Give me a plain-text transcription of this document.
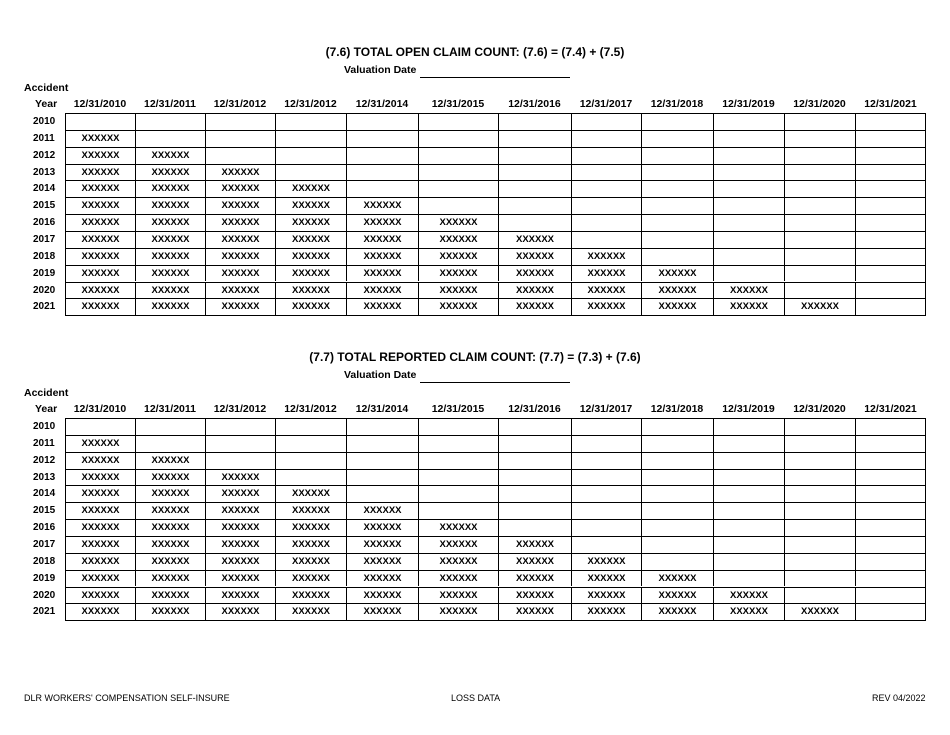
(7.6) TOTAL OPEN CLAIM COUNT: (7.6) = (7.4) + (7.5)
Valuation Date
Accident
Year	12/31/2010	12/31/2011	12/31/2012	12/31/2012	12/31/2014	12/31/2015	12/31/2016	12/31/2017	12/31/2018	12/31/2019	12/31/2020	12/31/2021
2010
2011	XXXXXX
2012	XXXXXX	XXXXXX
2013	XXXXXX	XXXXXX	XXXXXX
2014	XXXXXX	XXXXXX	XXXXXX	XXXXXX
2015	XXXXXX	XXXXXX	XXXXXX	XXXXXX	XXXXXX
2016	XXXXXX	XXXXXX	XXXXXX	XXXXXX	XXXXXX	XXXXXX
2017	XXXXXX	XXXXXX	XXXXXX	XXXXXX	XXXXXX	XXXXXX	XXXXXX
2018	XXXXXX	XXXXXX	XXXXXX	XXXXXX	XXXXXX	XXXXXX	XXXXXX	XXXXXX
2019	XXXXXX	XXXXXX	XXXXXX	XXXXXX	XXXXXX	XXXXXX	XXXXXX	XXXXXX	XXXXXX
2020	XXXXXX	XXXXXX	XXXXXX	XXXXXX	XXXXXX	XXXXXX	XXXXXX	XXXXXX	XXXXXX	XXXXXX
2021	XXXXXX	XXXXXX	XXXXXX	XXXXXX	XXXXXX	XXXXXX	XXXXXX	XXXXXX	XXXXXX	XXXXXX	XXXXXX
(7.7) TOTAL REPORTED CLAIM COUNT: (7.7) = (7.3) + (7.6)
Valuation Date
Accident
Year	12/31/2010	12/31/2011	12/31/2012	12/31/2012	12/31/2014	12/31/2015	12/31/2016	12/31/2017	12/31/2018	12/31/2019	12/31/2020	12/31/2021
2010
2011	XXXXXX
2012	XXXXXX	XXXXXX
2013	XXXXXX	XXXXXX	XXXXXX
2014	XXXXXX	XXXXXX	XXXXXX	XXXXXX
2015	XXXXXX	XXXXXX	XXXXXX	XXXXXX	XXXXXX
2016	XXXXXX	XXXXXX	XXXXXX	XXXXXX	XXXXXX	XXXXXX
2017	XXXXXX	XXXXXX	XXXXXX	XXXXXX	XXXXXX	XXXXXX	XXXXXX
2018	XXXXXX	XXXXXX	XXXXXX	XXXXXX	XXXXXX	XXXXXX	XXXXXX	XXXXXX
2019	XXXXXX	XXXXXX	XXXXXX	XXXXXX	XXXXXX	XXXXXX	XXXXXX	XXXXXX	XXXXXX
2020	XXXXXX	XXXXXX	XXXXXX	XXXXXX	XXXXXX	XXXXXX	XXXXXX	XXXXXX	XXXXXX	XXXXXX
2021	XXXXXX	XXXXXX	XXXXXX	XXXXXX	XXXXXX	XXXXXX	XXXXXX	XXXXXX	XXXXXX	XXXXXX	XXXXXX
DLR WORKERS' COMPENSATION SELF-INSURE	LOSS DATA	REV 04/2022
